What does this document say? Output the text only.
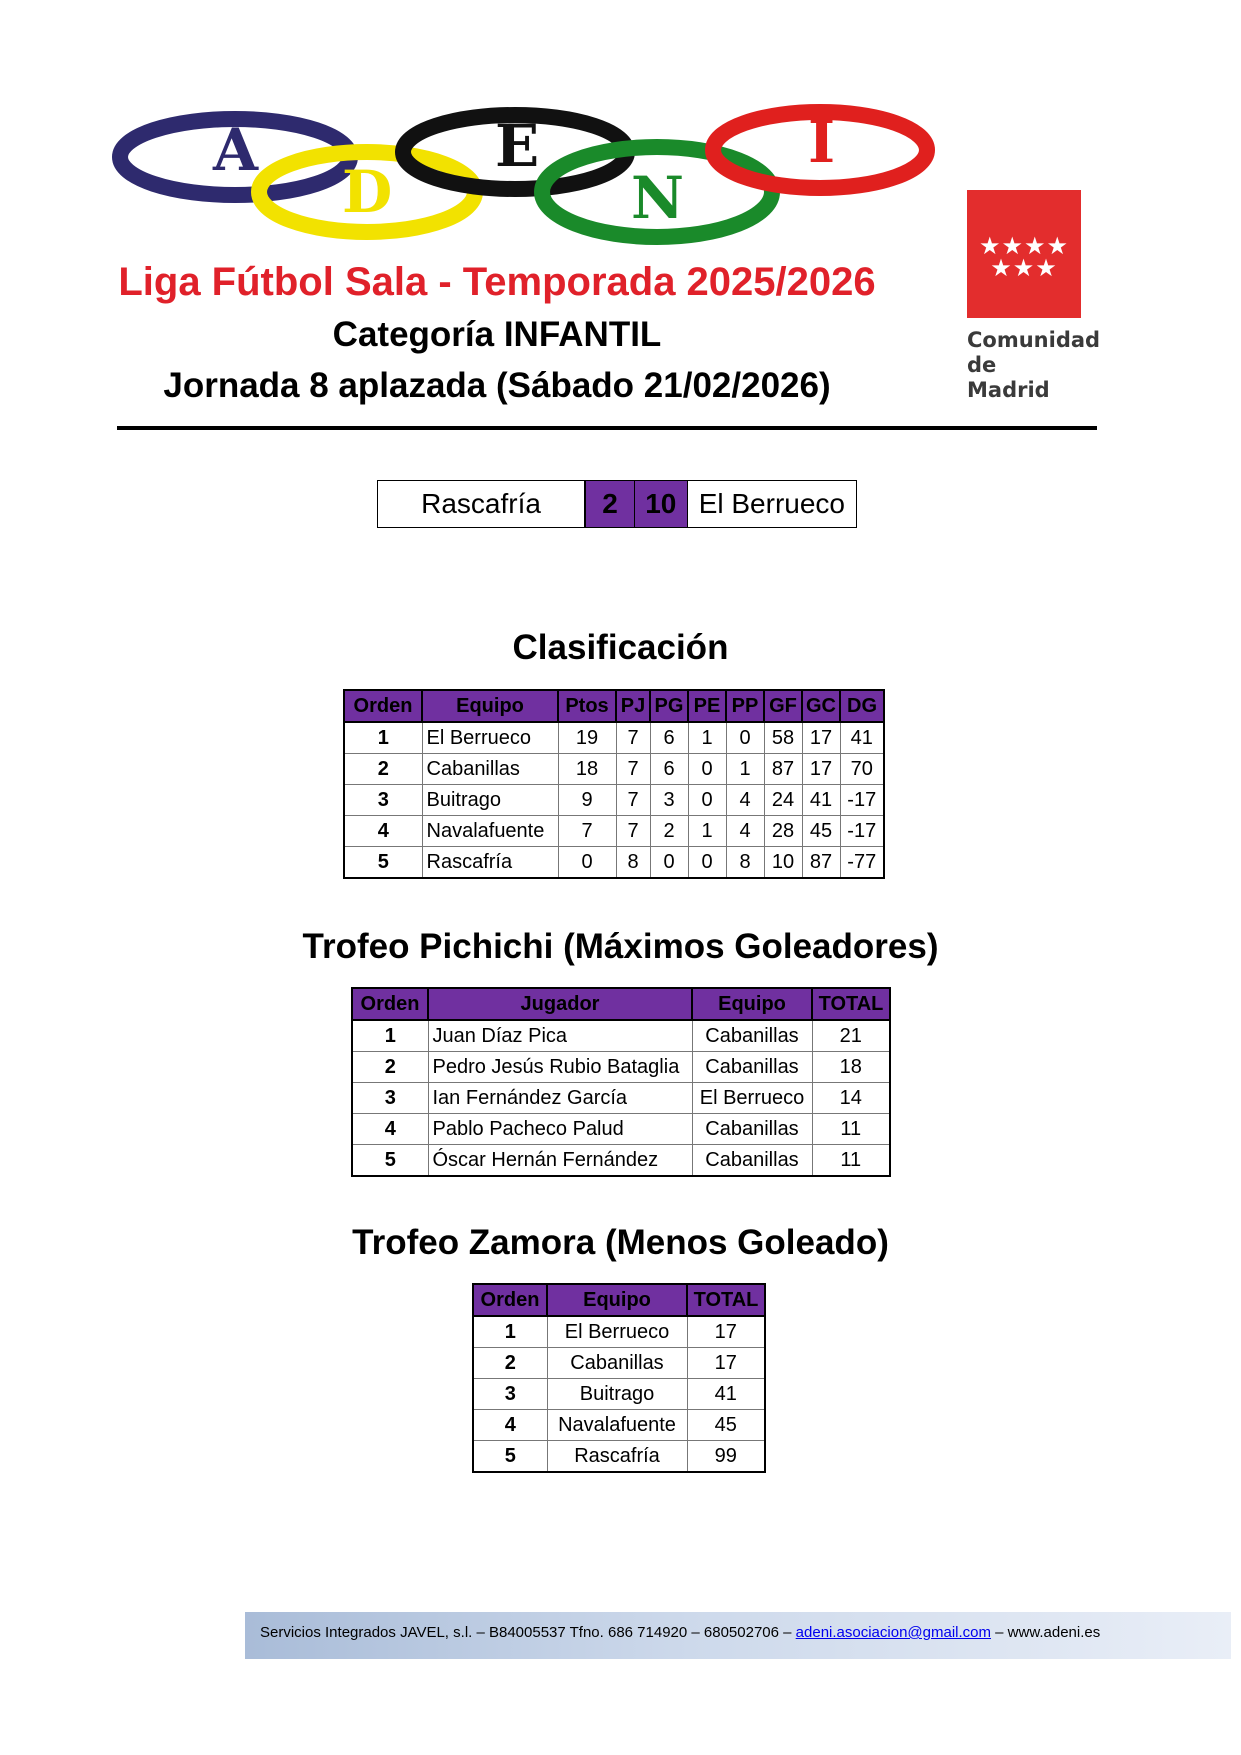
A
D
E
N
I
★★★★
★★★
Comunidad
de Madrid
Liga Fútbol Sala - Temporada 2025/2026
Categoría INFANTIL
Jornada 8 aplazada (Sábado 21/02/2026)
Rascafría	2 10 El Berrueco
Clasificación
Orden	Equipo	Ptos	PJ	PG	PE	PP	GF	GC	DG
1	El Berrueco	19	7	6	1	0	58	17	41
2	Cabanillas	18	7	6	0	1	87	17	70
3	Buitrago	9	7	3	0	4	24	41	-17
4	Navalafuente	7	7	2	1	4	28	45	-17
5	Rascafría	0	8	0	0	8	10	87	-77
Trofeo Pichichi (Máximos Goleadores)
Orden	Jugador	Equipo	TOTAL
1	Juan Díaz Pica	Cabanillas	21
2	Pedro Jesús Rubio Bataglia	Cabanillas	18
3	Ian Fernández García	El Berrueco	14
4	Pablo Pacheco Palud	Cabanillas	11
5	Óscar Hernán Fernández	Cabanillas	11
Trofeo Zamora (Menos Goleado)
Orden	Equipo	TOTAL
1	El Berrueco	17
2	Cabanillas	17
3	Buitrago	41
4	Navalafuente	45
5	Rascafría	99
Servicios Integrados JAVEL, s.l. – B84005537 Tfno. 686 714920 – 680502706 – adeni.asociacion@gmail.com – www.adeni.es
